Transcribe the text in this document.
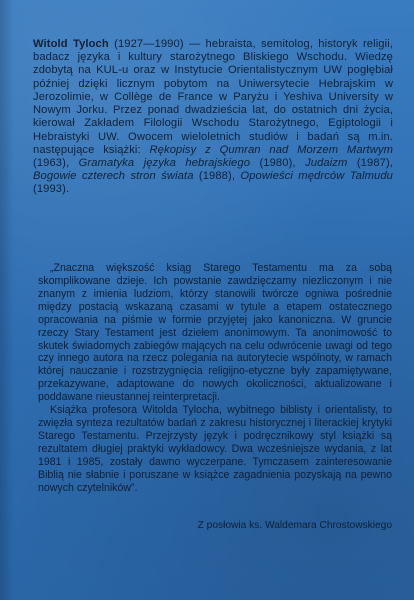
Witold Tyloch (1927—1990) — hebraista, semitolog, historyk religii, badacz języka i kultury starożytnego Bliskiego Wschodu. Wiedzę zdobytą na KUL-u oraz w Instytucie Orientalistycznym UW pogłębiał później dzięki licznym pobytom na Uniwersytecie Hebrajskim w Jerozolimie, w Collège de France w Paryżu i Yeshiva University w Nowym Jorku. Przez ponad dwadzieścia lat, do ostatnich dni życia, kierował Zakładem Filologii Wschodu Starożytnego, Egiptologii i Hebraistyki UW. Owocem wieloletnich studiów i badań są m.in. następujące książki: Rękopisy z Qumran nad Morzem Martwym (1963), Gramatyka języka hebrajskiego (1980), Judaizm (1987), Bogowie czterech stron świata (1988), Opowieści mędrców Talmudu (1993).

„Znaczna większość ksiąg Starego Testamentu ma za sobą skomplikowane dzieje. Ich powstanie zawdzięczamy niezliczonym i nie znanym z imienia ludziom, którzy stanowili twórcze ogniwa pośrednie między postacią wskazaną czasami w tytule a etapem ostatecznego opracowania na piśmie w formie przyjętej jako kanoniczna. W gruncie rzeczy Stary Testament jest dziełem anonimowym. Ta anonimowość to skutek świadomych zabiegów mających na celu odwrócenie uwagi od tego czy innego autora na rzecz polegania na autorytecie wspólnoty, w ramach której nauczanie i rozstrzygnięcia religijno-etyczne były zapamiętywane, przekazywane, adaptowane do nowych okoliczności, aktualizowane i poddawane nieustannej reinterpretacji.

Książka profesora Witolda Tylocha, wybitnego biblisty i orientalisty, to zwięzła synteza rezultatów badań z zakresu historycznej i literackiej krytyki Starego Testamentu. Przejrzysty język i podręcznikowy styl książki są rezultatem długiej praktyki wykładowcy. Dwa wcześniejsze wydania, z lat 1981 i 1985, zostały dawno wyczerpane. Tymczasem zainteresowanie Biblią nie słabnie i poruszane w książce zagadnienia pozyskają na pewno nowych czytelników”.

Z posłowia ks. Waldemara Chrostowskiego
